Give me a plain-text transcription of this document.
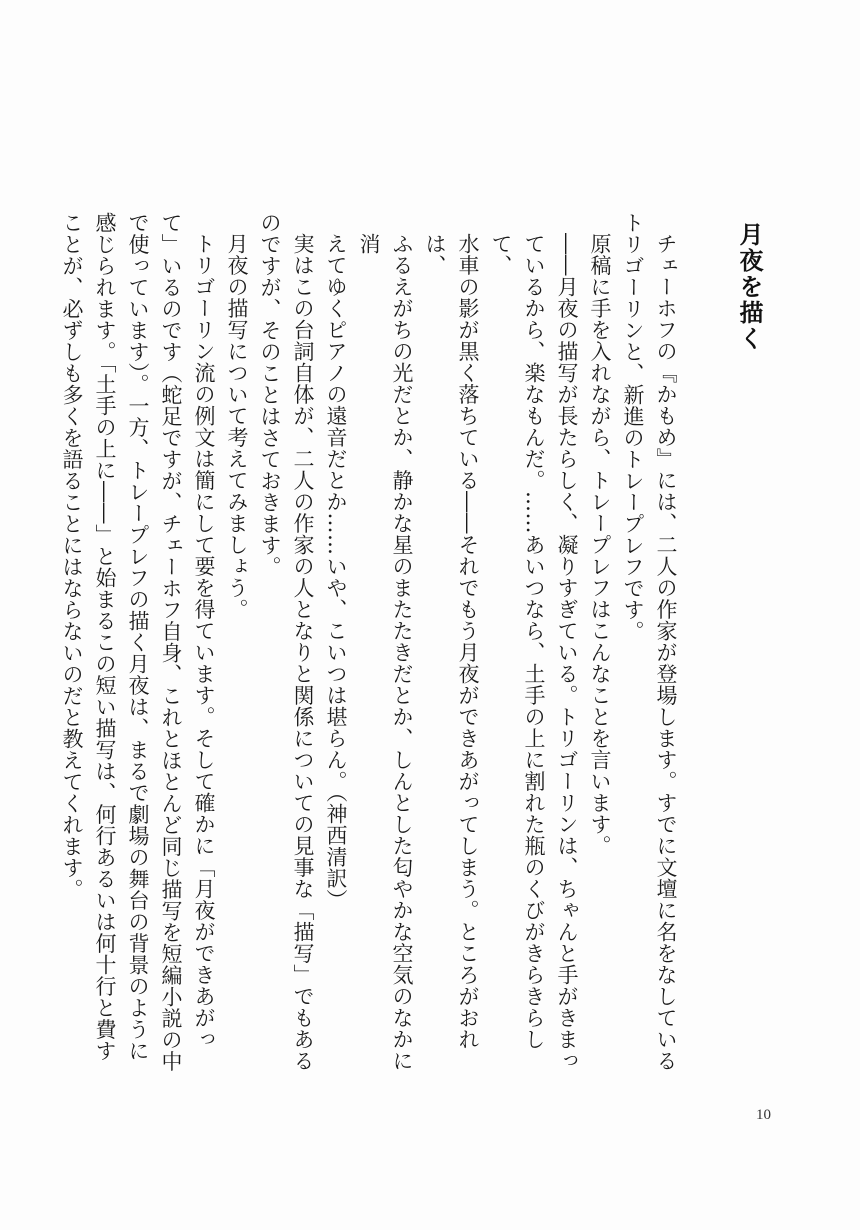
月夜を描く

チェーホフの『かもめ』には、二人の作家が登場します。すでに文壇に名をなしているトリゴーリンと、新進のトレープレフです。

原稿に手を入れながら、トレープレフはこんなことを言います。

――月夜の描写が長たらしく、凝りすぎている。トリゴーリンは、ちゃんと手がきまっ
ているから、楽なもんだ。……あいつなら、土手の上に割れた瓶のくびがきらきらして、
水車の影が黒く落ちている――それでもう月夜ができあがってしまう。ところがおれは、
ふるえがちの光だとか、静かな星のまたたきだとか、しんとした匂やかな空気のなかに消
えてゆくピアノの遠音だとか……いや、こいつは堪らん。（神西清訳）

実はこの台詞自体が、二人の作家の人となりと関係についての見事な「描写」でもあるのですが、そのことはさておきます。

月夜の描写について考えてみましょう。

トリゴーリン流の例文は簡にして要を得ています。そして確かに「月夜ができあがって」いるのです（蛇足ですが、チェーホフ自身、これとほとんど同じ描写を短編小説の中で使っています）。一方、トレープレフの描く月夜は、まるで劇場の舞台の背景のように感じられます。「土手の上に――」と始まるこの短い描写は、何行あるいは何十行と費すことが、必ずしも多くを語ることにはならないのだと教えてくれます。

10
